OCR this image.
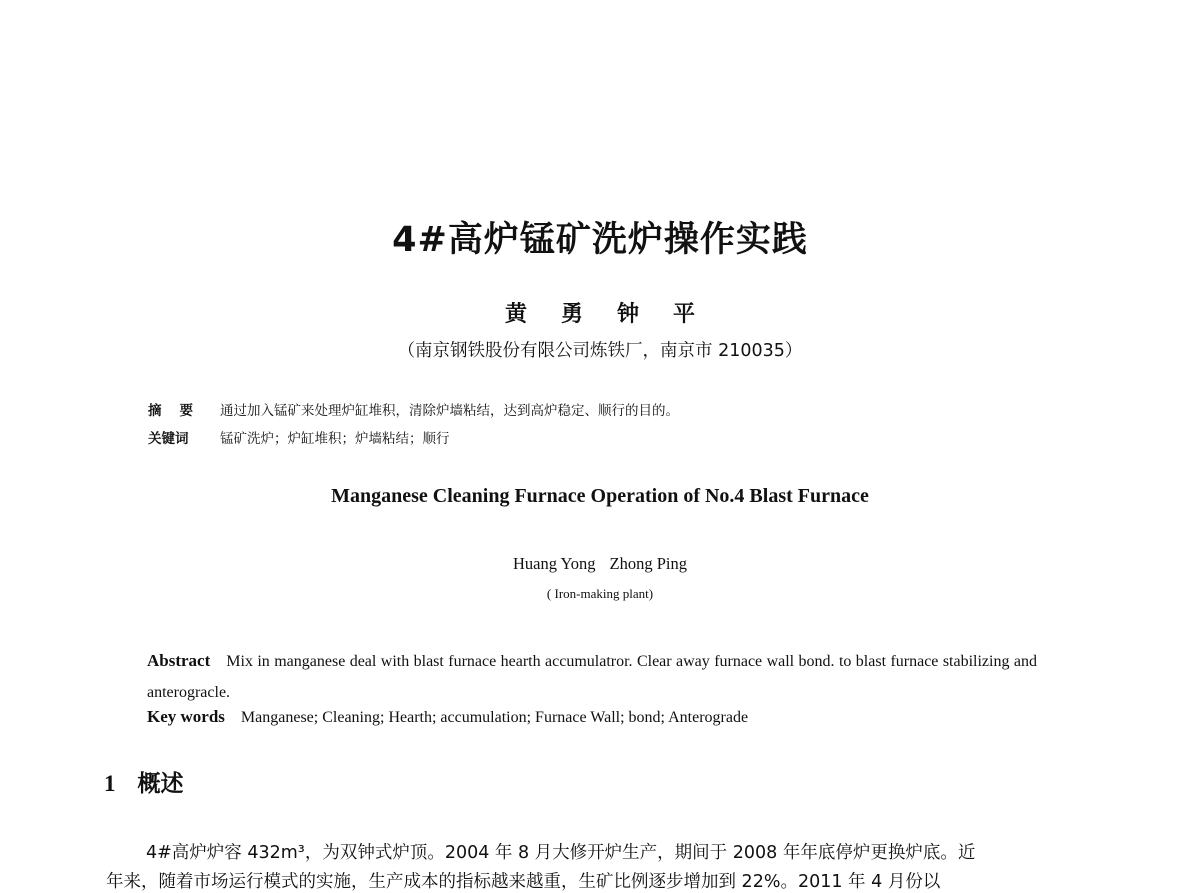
4#高炉锰矿洗炉操作实践
黄 勇 钟 平
（南京钢铁股份有限公司炼铁厂，南京市 210035）
摘要 通过加入锰矿来处理炉缸堆积，清除炉墙粘结，达到高炉稳定、顺行的目的。
关键词 锰矿洗炉；炉缸堆积；炉墙粘结；顺行
Manganese Cleaning Furnace Operation of No.4 Blast Furnace
Huang Yong Zhong Ping
( Iron-making plant)
Abstract Mix in manganese deal with blast furnace hearth accumulatror. Clear away furnace wall bond. to blast furnace stabilizing and anterogracle.
Key words Manganese; Cleaning; Hearth; accumulation; Furnace Wall; bond; Anterograde
1 概述
4#高炉炉容 432m³，为双钟式炉顶。2004 年 8 月大修开炉生产，期间于 2008 年年底停炉更换炉底。近
年来，随着市场运行模式的实施，生产成本的指标越来越重，生矿比例逐步增加到 22%。2011 年 4 月份以
